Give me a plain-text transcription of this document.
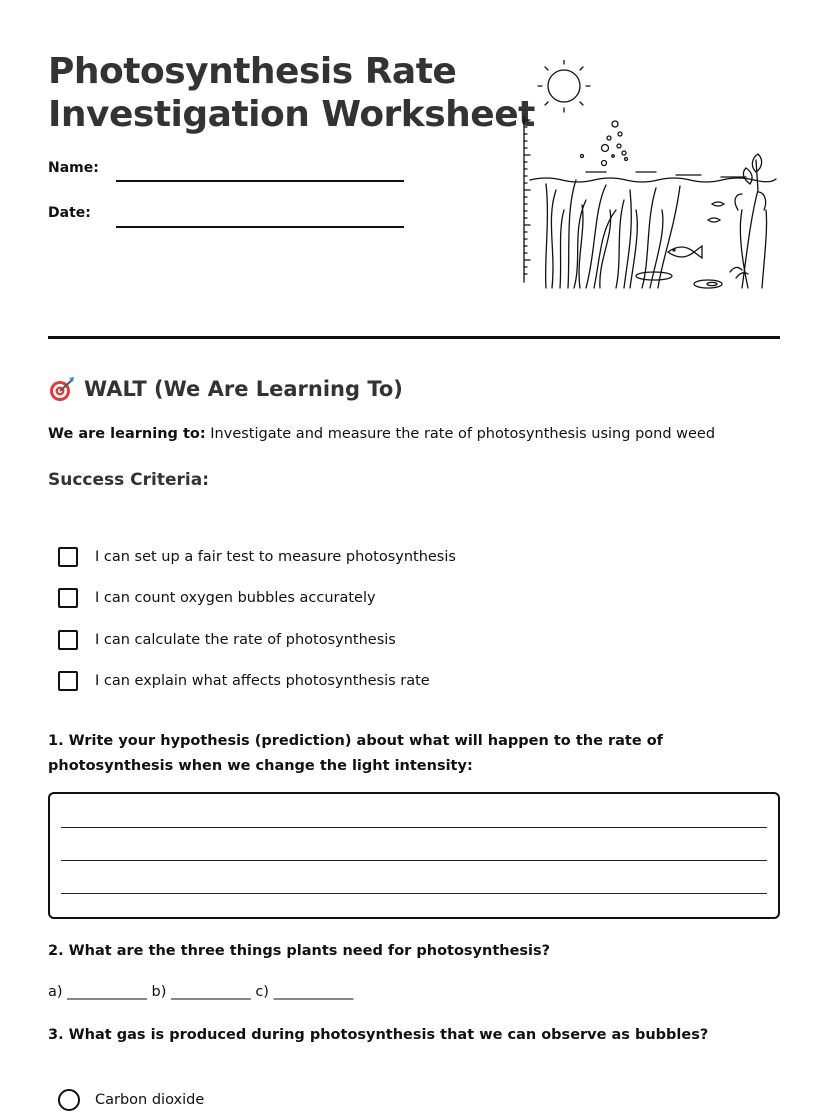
Photosynthesis Rate
Investigation Worksheet
Name:
Date:
WALT (We Are Learning To)
We are learning to: Investigate and measure the rate of photosynthesis using pond weed
Success Criteria:
I can set up a fair test to measure photosynthesis
I can count oxygen bubbles accurately
I can calculate the rate of photosynthesis
I can explain what affects photosynthesis rate

1. Write your hypothesis (prediction) about what will happen to the rate of photosynthesis when we change the light intensity:

2. What are the three things plants need for photosynthesis?

a) ___________ b) ___________ c) ___________

3. What gas is produced during photosynthesis that we can observe as bubbles?

Carbon dioxide
